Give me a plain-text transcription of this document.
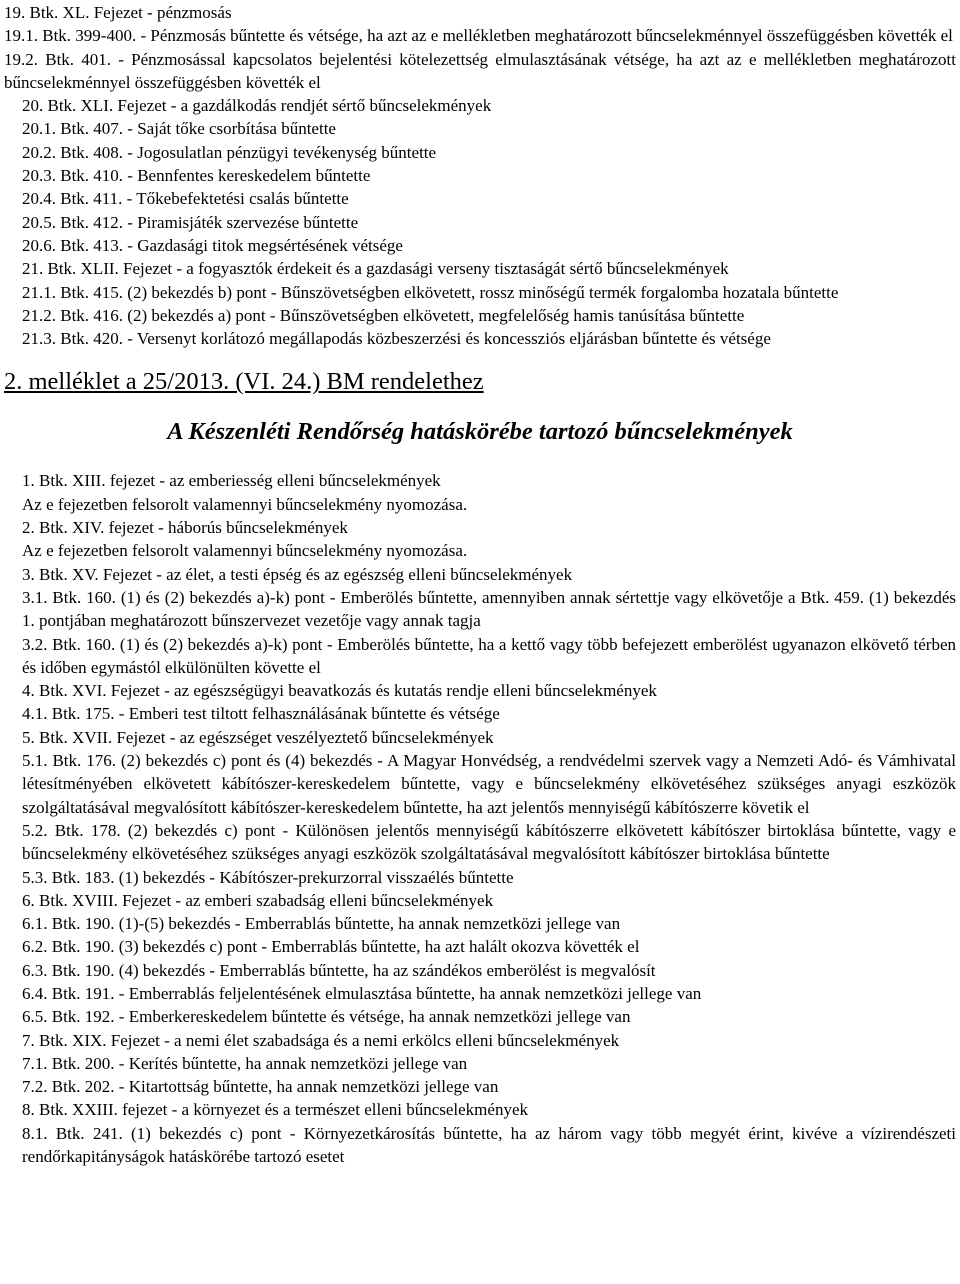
19. Btk. XL. Fejezet - pénzmosás

19.1. Btk. 399-400. - Pénzmosás bűntette és vétsége, ha azt az e mellékletben meghatározott bűncselekménnyel összefüggésben követték el

19.2. Btk. 401. - Pénzmosással kapcsolatos bejelentési kötelezettség elmulasztásának vétsége, ha azt az e mellékletben meghatározott bűncselekménnyel összefüggésben követték el

20. Btk. XLI. Fejezet - a gazdálkodás rendjét sértő bűncselekmények

20.1. Btk. 407. - Saját tőke csorbítása bűntette

20.2. Btk. 408. - Jogosulatlan pénzügyi tevékenység bűntette

20.3. Btk. 410. - Bennfentes kereskedelem bűntette

20.4. Btk. 411. - Tőkebefektetési csalás bűntette

20.5. Btk. 412. - Piramisjáték szervezése bűntette

20.6. Btk. 413. - Gazdasági titok megsértésének vétsége

21. Btk. XLII. Fejezet - a fogyasztók érdekeit és a gazdasági verseny tisztaságát sértő bűncselekmények

21.1. Btk. 415. (2) bekezdés b) pont - Bűnszövetségben elkövetett, rossz minőségű termék forgalomba hozatala bűntette

21.2. Btk. 416. (2) bekezdés a) pont - Bűnszövetségben elkövetett, megfelelőség hamis tanúsítása bűntette

21.3. Btk. 420. - Versenyt korlátozó megállapodás közbeszerzési és koncessziós eljárásban bűntette és vétsége

2. melléklet a 25/2013. (VI. 24.) BM rendelethez
A Készenléti Rendőrség hatáskörébe tartozó bűncselekmények

1. Btk. XIII. fejezet - az emberiesség elleni bűncselekmények

Az e fejezetben felsorolt valamennyi bűncselekmény nyomozása.

2. Btk. XIV. fejezet - háborús bűncselekmények

Az e fejezetben felsorolt valamennyi bűncselekmény nyomozása.

3. Btk. XV. Fejezet - az élet, a testi épség és az egészség elleni bűncselekmények

3.1. Btk. 160. (1) és (2) bekezdés a)-k) pont - Emberölés bűntette, amennyiben annak sértettje vagy elkövetője a Btk. 459. (1) bekezdés 1. pontjában meghatározott bűnszervezet vezetője vagy annak tagja

3.2. Btk. 160. (1) és (2) bekezdés a)-k) pont - Emberölés bűntette, ha a kettő vagy több befejezett emberölést ugyanazon elkövető térben és időben egymástól elkülönülten követte el

4. Btk. XVI. Fejezet - az egészségügyi beavatkozás és kutatás rendje elleni bűncselekmények

4.1. Btk. 175. - Emberi test tiltott felhasználásának bűntette és vétsége

5. Btk. XVII. Fejezet - az egészséget veszélyeztető bűncselekmények

5.1. Btk. 176. (2) bekezdés c) pont és (4) bekezdés - A Magyar Honvédség, a rendvédelmi szervek vagy a Nemzeti Adó- és Vámhivatal létesítményében elkövetett kábítószer-kereskedelem bűntette, vagy e bűncselekmény elkövetéséhez szükséges anyagi eszközök szolgáltatásával megvalósított kábítószer-kereskedelem bűntette, ha azt jelentős mennyiségű kábítószerre követik el

5.2. Btk. 178. (2) bekezdés c) pont - Különösen jelentős mennyiségű kábítószerre elkövetett kábítószer birtoklása bűntette, vagy e bűncselekmény elkövetéséhez szükséges anyagi eszközök szolgáltatásával megvalósított kábítószer birtoklása bűntette

5.3. Btk. 183. (1) bekezdés - Kábítószer-prekurzorral visszaélés bűntette

6. Btk. XVIII. Fejezet - az emberi szabadság elleni bűncselekmények

6.1. Btk. 190. (1)-(5) bekezdés - Emberrablás bűntette, ha annak nemzetközi jellege van

6.2. Btk. 190. (3) bekezdés c) pont - Emberrablás bűntette, ha azt halált okozva követték el

6.3. Btk. 190. (4) bekezdés - Emberrablás bűntette, ha az szándékos emberölést is megvalósít

6.4. Btk. 191. - Emberrablás feljelentésének elmulasztása bűntette, ha annak nemzetközi jellege van

6.5. Btk. 192. - Emberkereskedelem bűntette és vétsége, ha annak nemzetközi jellege van

7. Btk. XIX. Fejezet - a nemi élet szabadsága és a nemi erkölcs elleni bűncselekmények

7.1. Btk. 200. - Kerítés bűntette, ha annak nemzetközi jellege van

7.2. Btk. 202. - Kitartottság bűntette, ha annak nemzetközi jellege van

8. Btk. XXIII. fejezet - a környezet és a természet elleni bűncselekmények

8.1. Btk. 241. (1) bekezdés c) pont - Környezetkárosítás bűntette, ha az három vagy több megyét érint, kivéve a vízirendészeti rendőrkapitányságok hatáskörébe tartozó esetet
